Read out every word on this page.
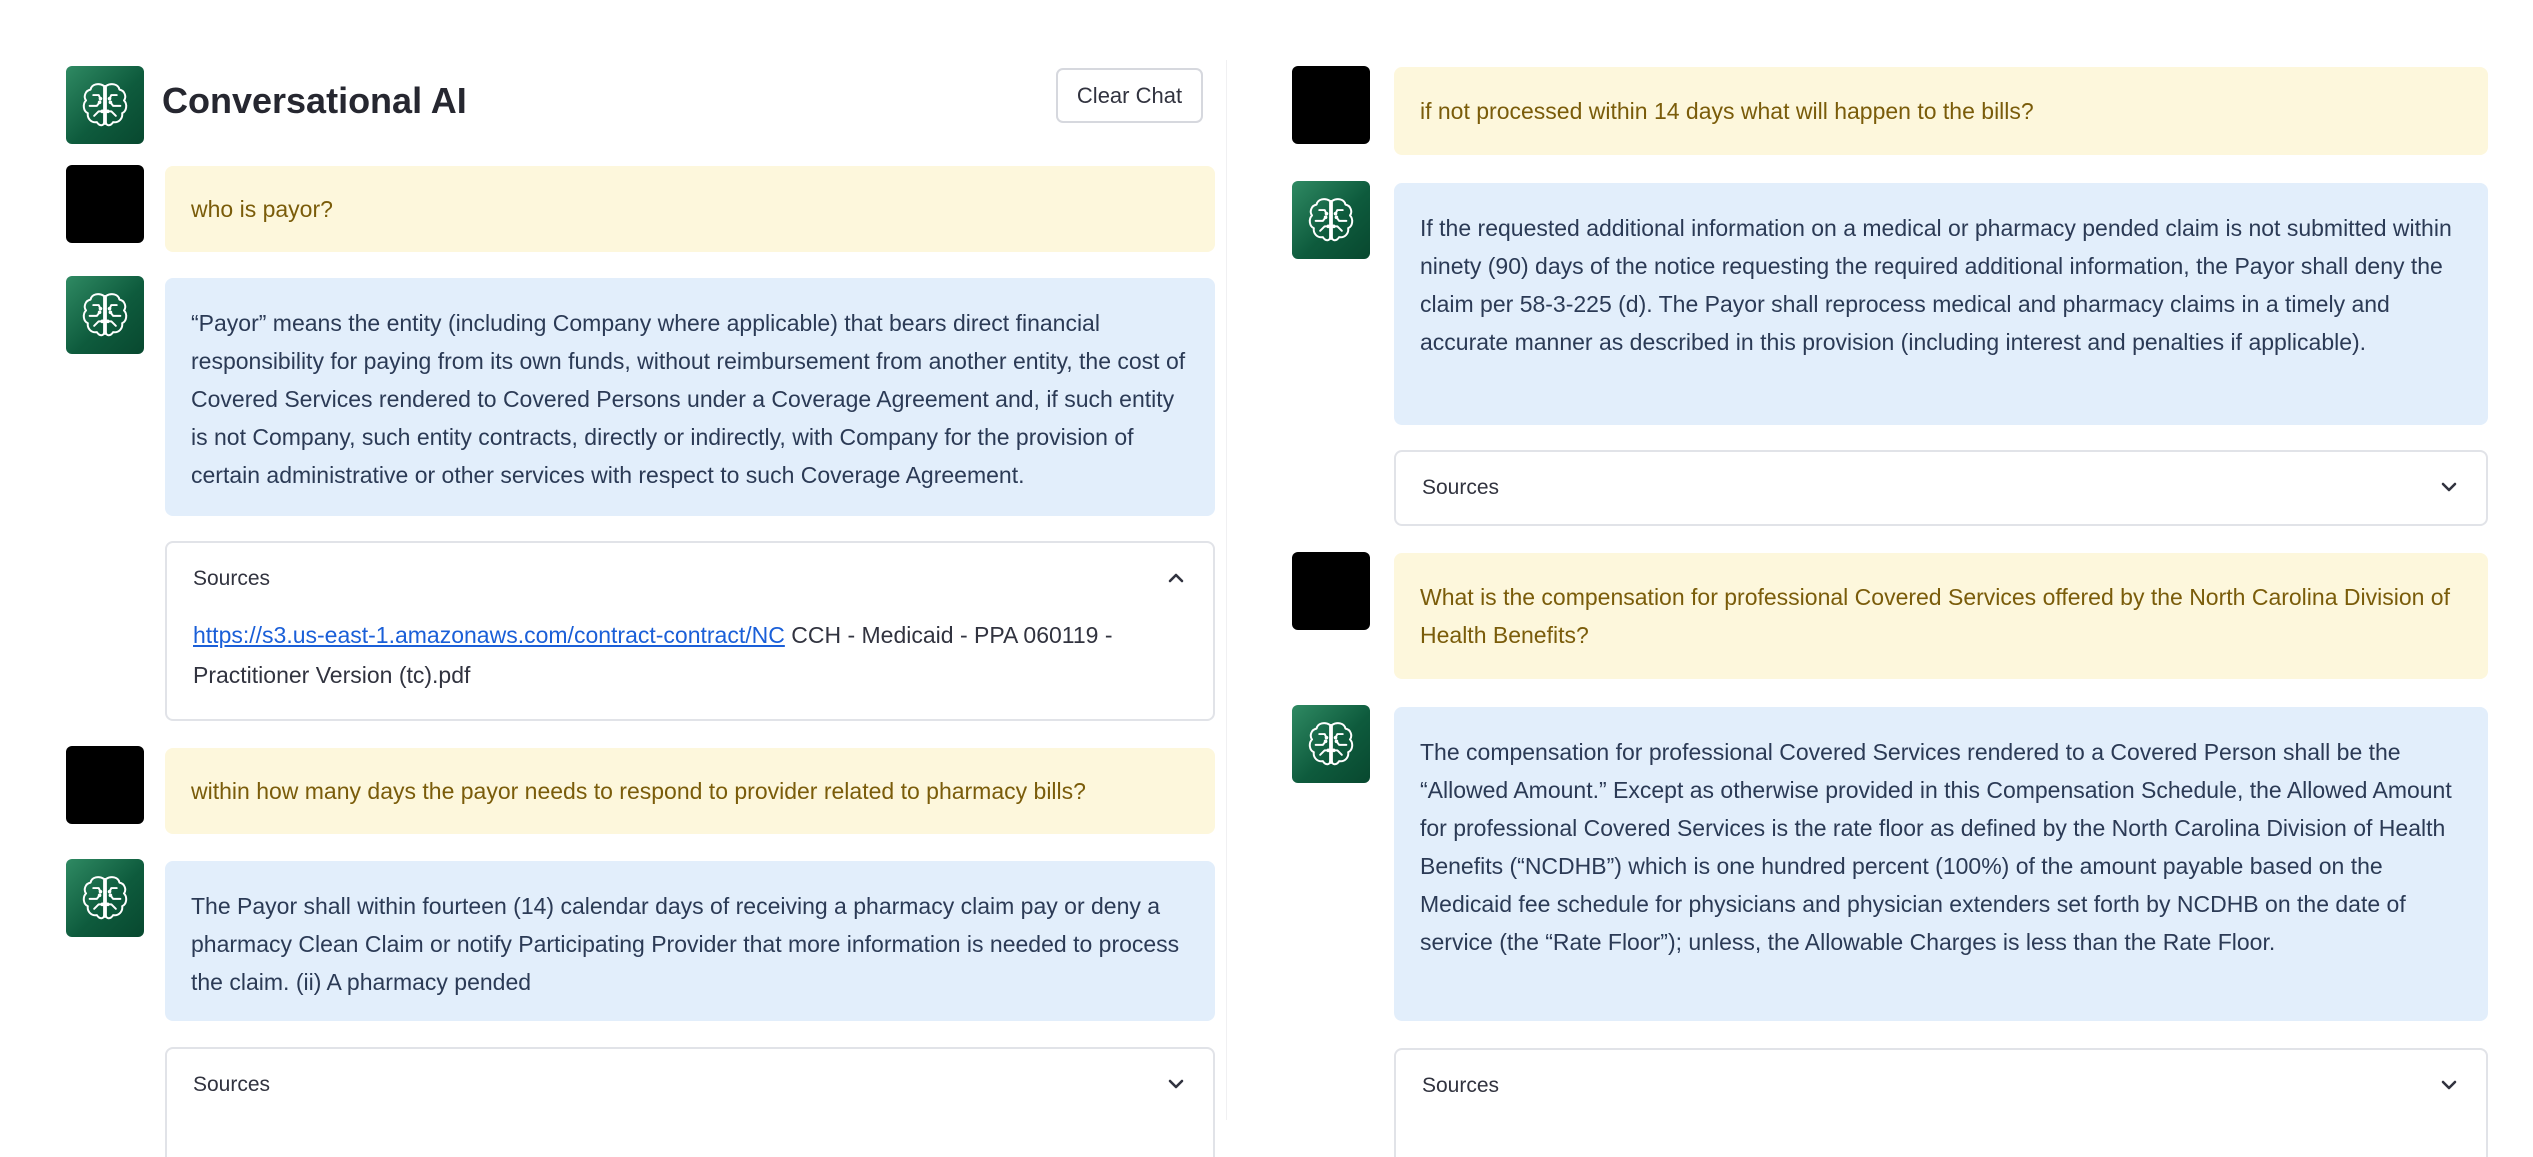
Conversational AI	Clear Chat
who is payor?
“Payor” means the entity (including Company where applicable) that bears direct financial responsibility for paying from its own funds, without reimbursement from another entity, the cost of Covered Services rendered to Covered Persons under a Coverage Agreement and, if such entity is not Company, such entity contracts, directly or indirectly, with Company for the provision of certain administrative or other services with respect to such Coverage Agreement.
Sources
https://s3.us-east-1.amazonaws.com/contract-contract/NC CCH - Medicaid - PPA 060119 - Practitioner Version (tc).pdf
within how many days the payor needs to respond to provider related to pharmacy bills?
The Payor shall within fourteen (14) calendar days of receiving a pharmacy claim pay or deny a pharmacy Clean Claim or notify Participating Provider that more information is needed to process the claim. (ii) A pharmacy pended
Sources
if not processed within 14 days what will happen to the bills?
If the requested additional information on a medical or pharmacy pended claim is not submitted within ninety (90) days of the notice requesting the required additional information, the Payor shall deny the claim per 58-3-225 (d). The Payor shall reprocess medical and pharmacy claims in a timely and accurate manner as described in this provision (including interest and penalties if applicable).
Sources
What is the compensation for professional Covered Services offered by the North Carolina Division of Health Benefits?
The compensation for professional Covered Services rendered to a Covered Person shall be the “Allowed Amount.” Except as otherwise provided in this Compensation Schedule, the Allowed Amount for professional Covered Services is the rate floor as defined by the North Carolina Division of Health Benefits (“NCDHB”) which is one hundred percent (100%) of the amount payable based on the Medicaid fee schedule for physicians and physician extenders set forth by NCDHB on the date of service (the “Rate Floor”); unless, the Allowable Charges is less than the Rate Floor.
Sources
